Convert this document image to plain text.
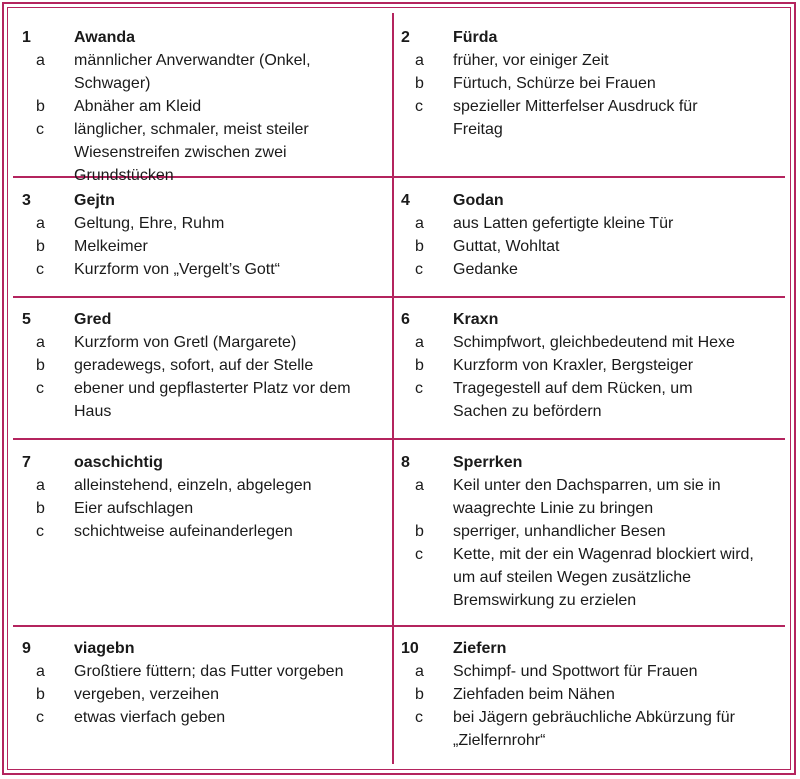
1	Awanda
a	männlicher Anverwandter (Onkel, Schwager)
b	Abnäher am Kleid
c	länglicher, schmaler, meist steiler Wiesenstreifen zwischen zwei Grundstücken
2	Fürda
a	früher, vor einiger Zeit
b	Fürtuch, Schürze bei Frauen
c	spezieller Mitterfelser Ausdruck für Freitag
3	Gejtn
a	Geltung, Ehre, Ruhm
b	Melkeimer
c	Kurzform von „Vergelt’s Gott“
4	Godan
a	aus Latten gefertigte kleine Tür
b	Guttat, Wohltat
c	Gedanke
5	Gred
a	Kurzform von Gretl (Margarete)
b	geradewegs, sofort, auf der Stelle
c	ebener und gepflasterter Platz vor dem Haus
6	Kraxn
a	Schimpfwort, gleichbedeutend mit Hexe
b	Kurzform von Kraxler, Bergsteiger
c	Tragegestell auf dem Rücken, um Sachen zu befördern
7	oaschichtig
a	alleinstehend, einzeln, abgelegen
b	Eier aufschlagen
c	schichtweise aufeinanderlegen
8	Sperrken
a	Keil unter den Dachsparren, um sie in waagrechte Linie zu bringen
b	sperriger, unhandlicher Besen
c	Kette, mit der ein Wagenrad blockiert wird, um auf steilen Wegen zusätzliche Bremswirkung zu erzielen
9	viagebn
a	Großtiere füttern; das Futter vorgeben
b	vergeben, verzeihen
c	etwas vierfach geben
10 Ziefern
a	Schimpf- und Spottwort für Frauen
b	Ziehfaden beim Nähen
c	bei Jägern gebräuchliche Abkürzung für „Zielfernrohr“
